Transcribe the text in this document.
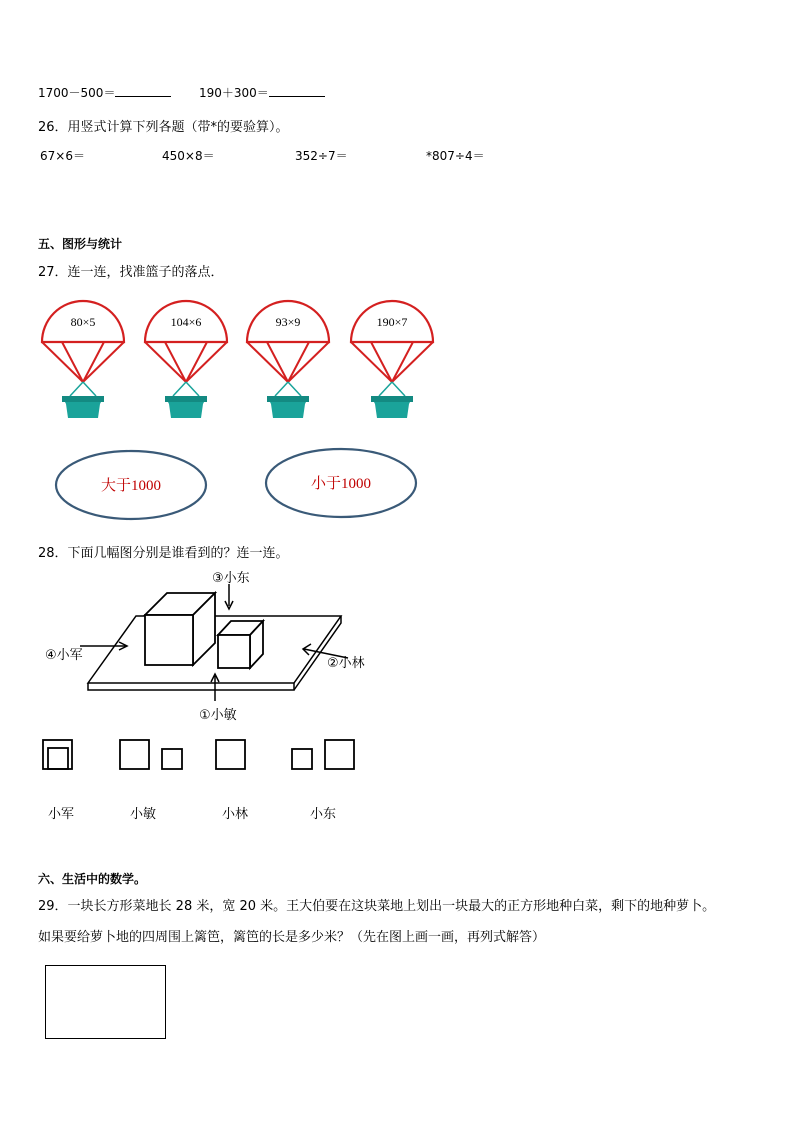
1700－500＝	190＋300＝
26．用竖式计算下列各题（带*的要验算）。
67×6＝	450×8＝	352÷7＝	*807÷4＝
五、图形与统计
27．连一连，找准篮子的落点．
80×5	104×6	93×9	190×7
大于1000	小于1000
28．下面几幅图分别是谁看到的？连一连。
③小东
④小军
②小林
①小敏
小军	小敏	小林	小东
六、生活中的数学。
29．一块长方形菜地长 28 米，宽 20 米。王大伯要在这块菜地上划出一块最大的正方形地种白菜，剩下的地种萝卜。
如果要给萝卜地的四周围上篱笆，篱笆的长是多少米？（先在图上画一画，再列式解答）
